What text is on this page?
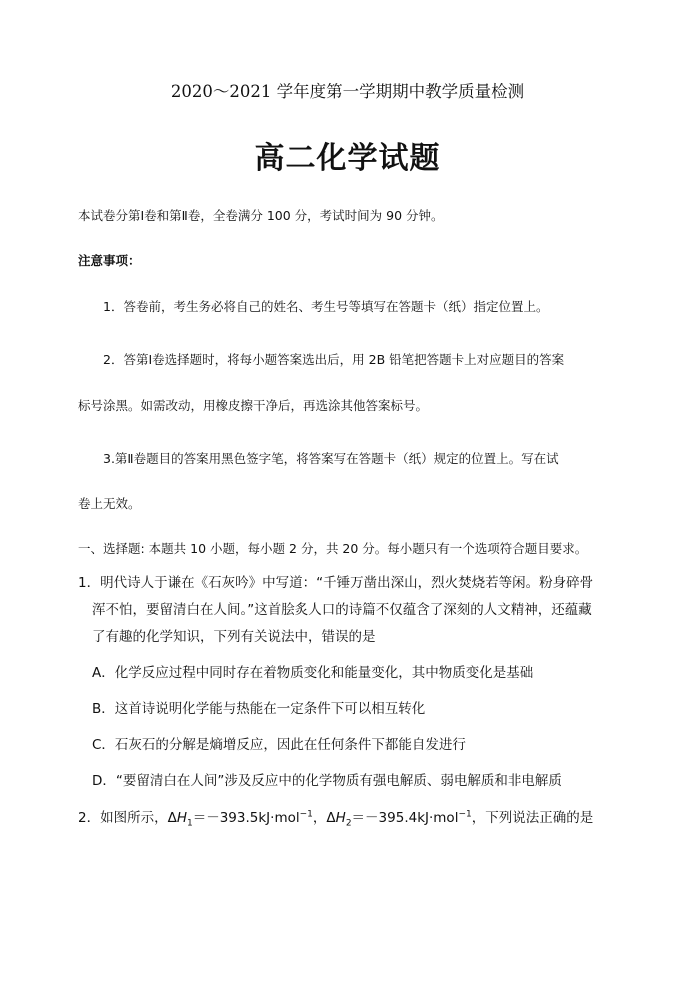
2020～2021 学年度第一学期期中教学质量检测
高二化学试题
本试卷分第Ⅰ卷和第Ⅱ卷，全卷满分 100 分，考试时间为 90 分钟。
注意事项：
1．答卷前，考生务必将自己的姓名、考生号等填写在答题卡（纸）指定位置上。
2．答第Ⅰ卷选择题时，将每小题答案选出后，用 2B 铅笔把答题卡上对应题目的答案
标号涂黑。如需改动，用橡皮擦干净后，再选涂其他答案标号。
3.第Ⅱ卷题目的答案用黑色签字笔，将答案写在答题卡（纸）规定的位置上。写在试
卷上无效。
一、选择题: 本题共 10 小题，每小题 2 分，共 20 分。每小题只有一个选项符合题目要求。
1．明代诗人于谦在《石灰吟》中写道：“千锤万凿出深山，烈火焚烧若等闲。粉身碎骨
浑不怕，要留清白在人间。”这首脍炙人口的诗篇不仅蕴含了深刻的人文精神，还蕴藏
了有趣的化学知识，下列有关说法中，错误的是
A．化学反应过程中同时存在着物质变化和能量变化，其中物质变化是基础
B．这首诗说明化学能与热能在一定条件下可以相互转化
C．石灰石的分解是熵增反应，因此在任何条件下都能自发进行
D．“要留清白在人间”涉及反应中的化学物质有强电解质、弱电解质和非电解质
2．如图所示，$\Delta H_1=-393.5kJ\cdot mol^{-1}$，$\Delta H_2=-395.4kJ\cdot mol^{-1}$，下列说法正确的是
